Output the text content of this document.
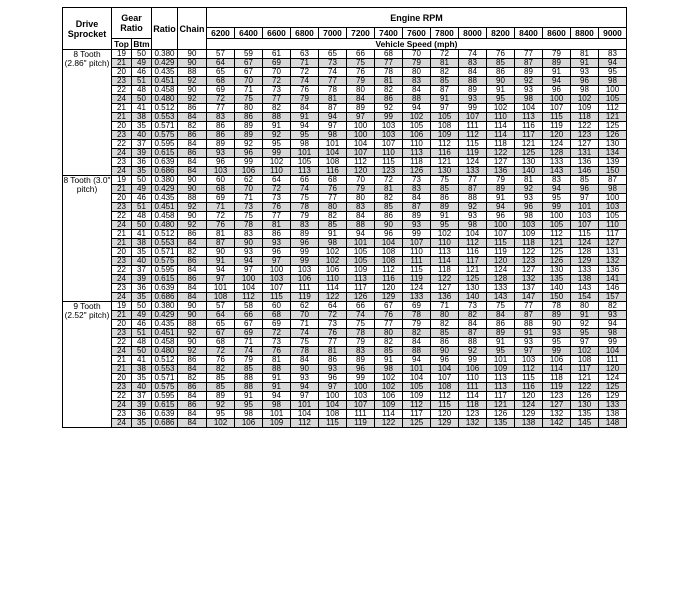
Drive Sprocket	Gear Ratio		Ratio	Chain	Engine RPM														
					6200	6400	6600	6800	7000	7200	7400	7600	7800	8000	8200	8400	8600	8800	9000
	Top	Btm			Vehicle Speed (mph)														
8 Tooth (2.86" pitch)	19	50	0.380	90	57	59	61	63	65	66	68	70	72	74	76	77	79	81	83
	21	49	0.429	90	64	67	69	71	73	75	77	79	81	83	85	87	89	91	94
	20	46	0.435	88	65	67	70	72	74	76	78	80	82	84	86	89	91	93	95
	23	51	0.451	92	68	70	72	74	77	79	81	83	85	88	90	92	94	96	98
	22	48	0.458	90	69	71	73	76	78	80	82	84	87	89	91	93	96	98	100
	24	50	0.480	92	72	75	77	79	81	84	86	88	91	93	95	98	100	102	105
	21	41	0.512	86	77	80	82	84	87	89	92	94	97	99	102	104	107	109	112
	21	38	0.553	84	83	86	88	91	94	97	99	102	105	107	110	113	115	118	121
	20	35	0.571	82	86	89	91	94	97	100	103	105	108	111	114	116	119	122	125
	23	40	0.575	86	86	89	92	95	98	100	103	106	109	112	114	117	120	123	126
	22	37	0.595	84	89	92	95	98	101	104	107	110	112	115	118	121	124	127	130
	24	39	0.615	86	93	96	99	101	104	107	110	113	116	119	122	125	128	131	134
	23	36	0.639	84	96	99	102	105	108	112	115	118	121	124	127	130	133	136	139
	24	35	0.686	84	103	106	110	113	116	120	123	126	130	133	136	140	143	146	150
8 Tooth (3.0" pitch)	19	50	0.380	90	60	62	64	66	68	70	72	73	75	77	79	81	83	85	87
	21	49	0.429	90	68	70	72	74	76	79	81	83	85	87	89	92	94	96	98
	20	46	0.435	88	69	71	73	75	77	80	82	84	86	88	91	93	95	97	100
	23	51	0.451	92	71	73	76	78	80	83	85	87	89	92	94	96	99	101	103
	22	48	0.458	90	72	75	77	79	82	84	86	89	91	93	96	98	100	103	105
	24	50	0.480	92	76	78	81	83	85	88	90	93	95	98	100	103	105	107	110
	21	41	0.512	86	81	83	86	89	91	94	96	99	102	104	107	109	112	115	117
	21	38	0.553	84	87	90	93	96	98	101	104	107	110	112	115	118	121	124	127
	20	35	0.571	82	90	93	96	99	102	105	108	110	113	116	119	122	125	128	131
	23	40	0.575	86	91	94	97	99	102	105	108	111	114	117	120	123	126	129	132
	22	37	0.595	84	94	97	100	103	106	109	112	115	118	121	124	127	130	133	136
	24	39	0.615	86	97	100	103	106	110	113	116	119	122	125	128	132	135	138	141
	23	36	0.639	84	101	104	107	111	114	117	120	124	127	130	133	137	140	143	146
	24	35	0.686	84	108	112	115	119	122	126	129	133	136	140	143	147	150	154	157
9 Tooth (2.52" pitch)	19	50	0.380	90	57	58	60	62	64	66	67	69	71	73	75	77	78	80	82
	21	49	0.429	90	64	66	68	70	72	74	76	78	80	82	84	87	89	91	93
	20	46	0.435	88	65	67	69	71	73	75	77	79	82	84	86	88	90	92	94
	23	51	0.451	92	67	69	72	74	76	78	80	82	85	87	89	91	93	95	98
	22	48	0.458	90	68	71	73	75	77	79	82	84	86	88	91	93	95	97	99
	24	50	0.480	92	72	74	76	78	81	83	85	88	90	92	95	97	99	102	104
	21	41	0.512	86	76	79	81	84	86	89	91	94	96	99	101	103	106	108	111
	21	38	0.553	84	82	85	88	90	93	96	98	101	104	106	109	112	114	117	120
	20	35	0.571	82	85	88	91	93	96	99	102	104	107	110	113	115	118	121	124
	23	40	0.575	86	85	88	91	94	97	100	102	105	108	111	113	116	119	122	125
	22	37	0.595	84	89	91	94	97	100	103	106	109	112	114	117	120	123	126	129
	24	39	0.615	86	92	95	98	101	104	107	109	112	115	118	121	124	127	130	133
	23	36	0.639	84	95	98	101	104	108	111	114	117	120	123	126	129	132	135	138
	24	35	0.686	84	102	106	109	112	115	119	122	125	129	132	135	138	142	145	148
